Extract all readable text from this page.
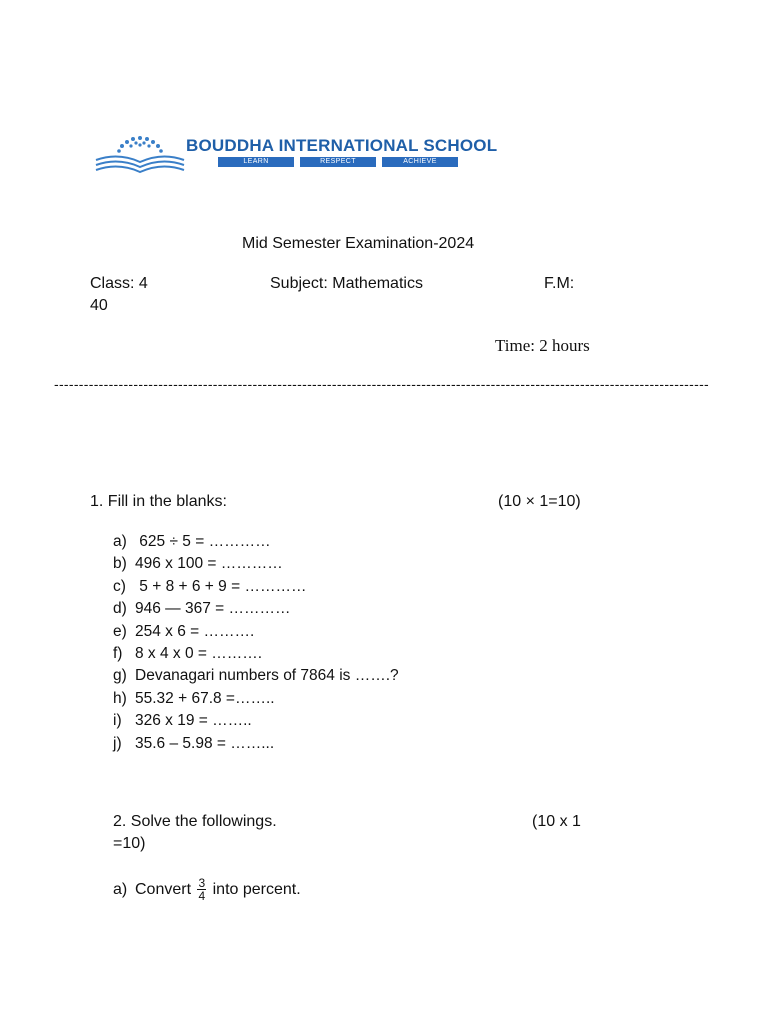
BOUDDHA INTERNATIONAL SCHOOL
LEARN	RESPECT	ACHIEVE
Mid Semester Examination-2024
Class: 4	Subject: Mathematics	F.M:
40
Time: 2 hours
------------------------------------------------------------------------------------------------------------------------------------
1. Fill in the blanks:	(10 × 1=10)
a) 625 ÷ 5 = …………
b) 496 x 100 = …………
c) 5 + 8 + 6 + 9 = …………
d) 946 — 367 = …………
e) 254 x 6 = ……….
f) 8 x 4 x 0 = ……….
g) Devanagari numbers of 7864 is …….?
h) 55.32 + 67.8 =……..
i) 326 x 19 = ……..
j) 35.6 – 5.98 = ……...
2. Solve the followings.	(10 x 1
=10)
a) Convert $\frac{3}{4}$ into percent.
